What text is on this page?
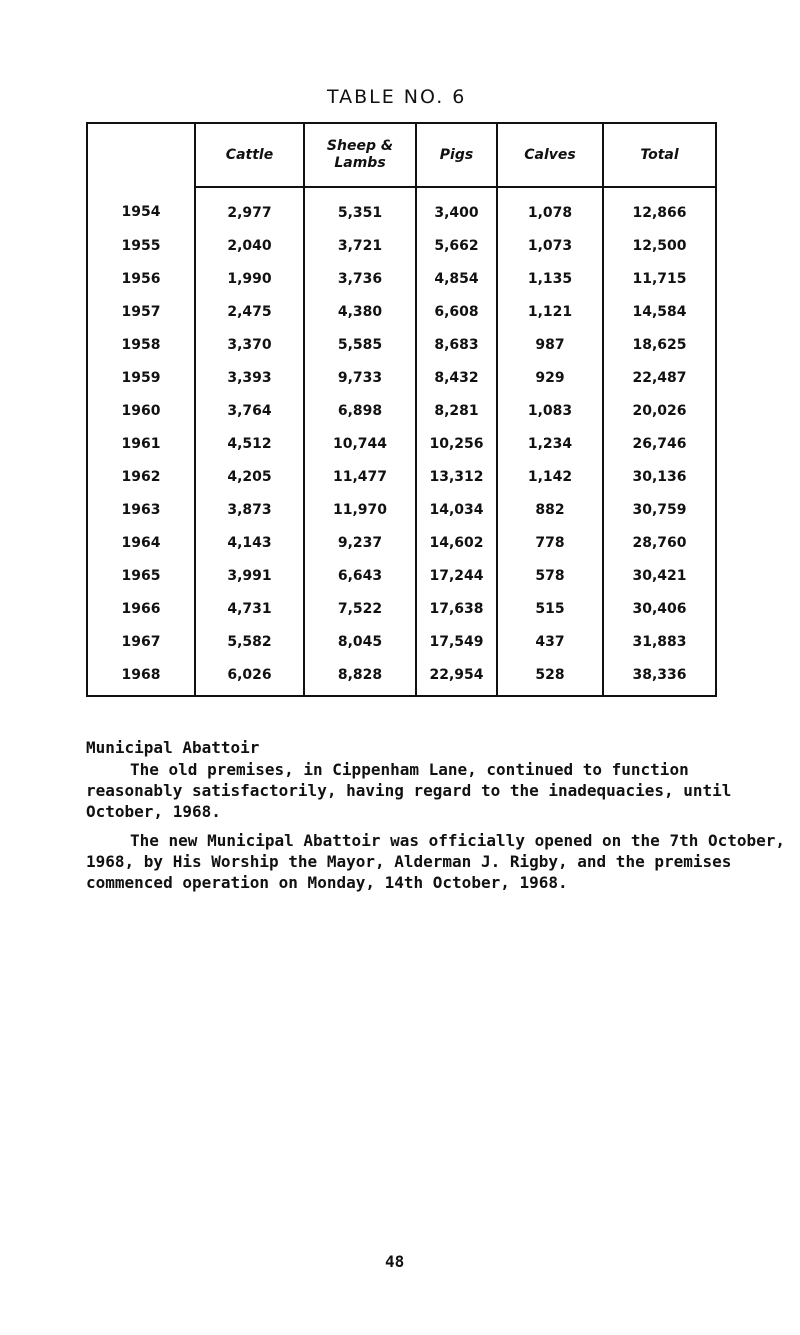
TABLE NO. 6
	Cattle	Sheep & Lambs	Pigs	Calves	Total
1954	2,977	5,351	3,400	1,078	12,866
1955	2,040	3,721	5,662	1,073	12,500
1956	1,990	3,736	4,854	1,135	11,715
1957	2,475	4,380	6,608	1,121	14,584
1958	3,370	5,585	8,683	987	18,625
1959	3,393	9,733	8,432	929	22,487
1960	3,764	6,898	8,281	1,083	20,026
1961	4,512	10,744	10,256	1,234	26,746
1962	4,205	11,477	13,312	1,142	30,136
1963	3,873	11,970	14,034	882	30,759
1964	4,143	9,237	14,602	778	28,760
1965	3,991	6,643	17,244	578	30,421
1966	4,731	7,522	17,638	515	30,406
1967	5,582	8,045	17,549	437	31,883
1968	6,026	8,828	22,954	528	38,336
Municipal Abattoir

The old premises, in Cippenham Lane, continued to function reasonably satisfactorily, having regard to the inadequacies, until October, 1968.

The new Municipal Abattoir was officially opened on the 7th October, 1968, by His Worship the Mayor, Alderman J. Rigby, and the premises commenced operation on Monday, 14th October, 1968.

48
